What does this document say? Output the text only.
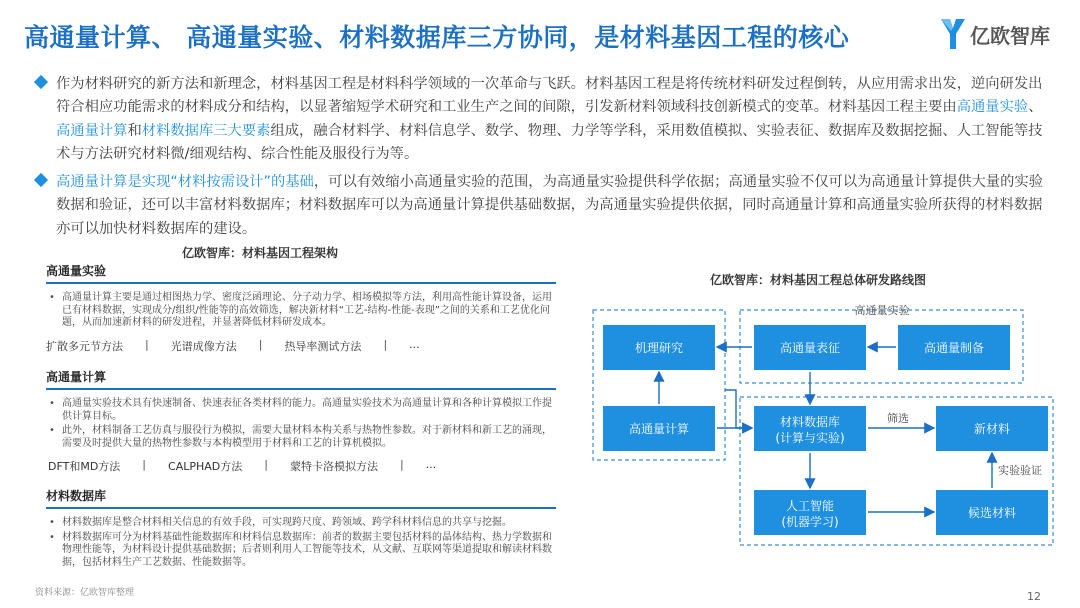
高通量计算、 高通量实验、材料数据库三方协同，是材料基因工程的核心	亿欧智库
作为材料研究的新方法和新理念，材料基因工程是材料科学领域的一次革命与飞跃。材料基因工程是将传统材料研发过程倒转，从应用需求出发，逆向研发出符合相应功能需求的材料成分和结构，以显著缩短学术研究和工业生产之间的间隙，引发新材料领域科技创新模式的变革。材料基因工程主要由高通量实验、高通量计算和材料数据库三大要素组成，融合材料学、材料信息学、数学、物理、力学等学科，采用数值模拟、实验表征、数据库及数据挖掘、人工智能等技术与方法研究材料微/细观结构、综合性能及服役行为等。
高通量计算是实现“材料按需设计”的基础，可以有效缩小高通量实验的范围，为高通量实验提供科学依据；高通量实验不仅可以为高通量计算提供大量的实验数据和验证，还可以丰富材料数据库；材料数据库可以为高通量计算提供基础数据，为高通量实验提供依据，同时高通量计算和高通量实验所获得的材料数据亦可以加快材料数据库的建设。
亿欧智库：材料基因工程架构
高通量实验
• 高通量计算主要是通过相图热力学、密度泛函理论、分子动力学、相场模拟等方法，利用高性能计算设备，运用已有材料数据，实现成分/组织/性能等的高效筛选，解决新材料“工艺-结构-性能-表现”之间的关系和工艺优化问题，从而加速新材料的研发进程，并显著降低材料研发成本。
扩散多元节方法	|	光谱成像方法	|	热导率测试方法	|	...
高通量计算
• 高通量实验技术具有快速制备、快速表征各类材料的能力。高通量实验技术为高通量计算和各种计算模拟工作提供计算目标。
• 此外，材料制备工艺仿真与服役行为模拟，需要大量材料本构关系与热物性参数。对于新材料和新工艺的涌现，需要及时提供大量的热物性参数与本构模型用于材料和工艺的计算机模拟。
DFT和MD方法	|	CALPHAD方法	|	蒙特卡洛模拟方法	|	...
材料数据库
• 材料数据库是整合材料相关信息的有效手段，可实现跨尺度、跨领域、跨学科材料信息的共享与挖掘。
• 材料数据库可分为材料基础性能数据库和材料信息数据库：前者的数据主要包括材料的晶体结构、热力学数据和物理性能等，为材料设计提供基础数据；后者则利用人工智能等技术，从文献、互联网等渠道提取和解读材料数据，包括材料生产工艺数据、性能数据等。
资料来源：亿欧智库整理	12
亿欧智库：材料基因工程总体研发路线图
高通量实验
机理研究	高通量表征	高通量制备
高通量计算	材料数据库
(计算与实验)
新材料
人工智能
(机器学习)
候选材料
筛选
实验验证
